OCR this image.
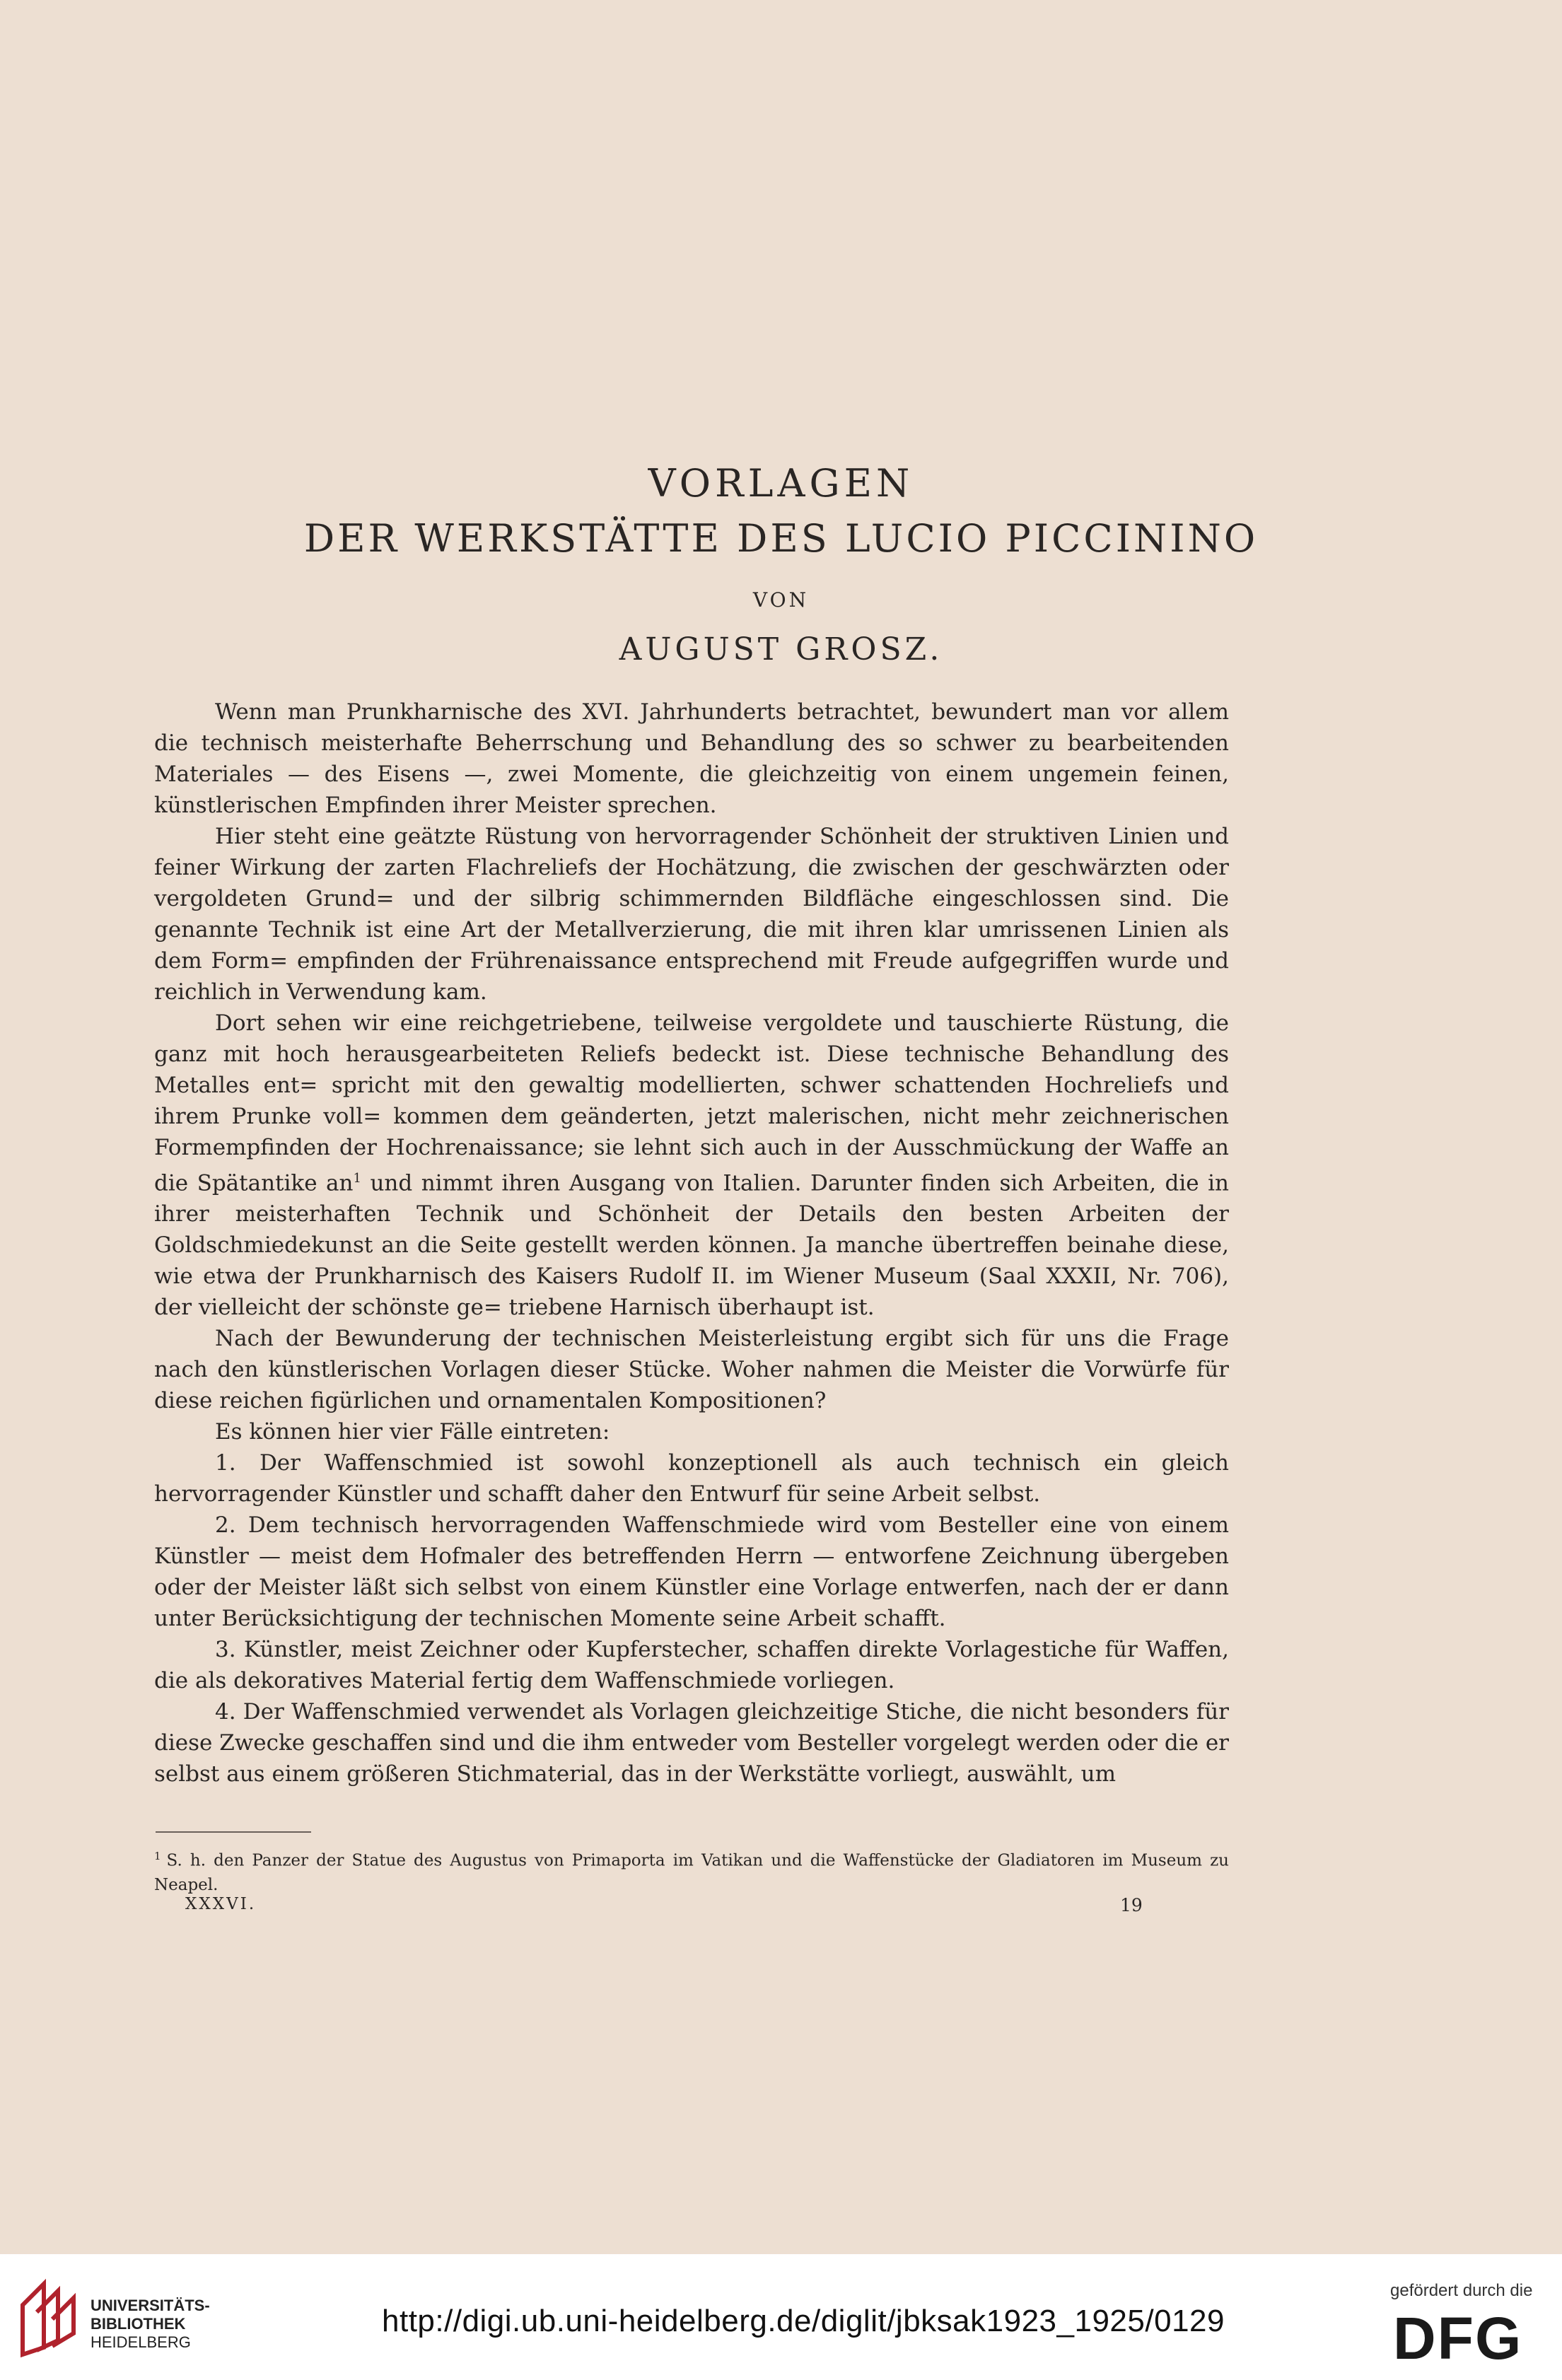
VORLAGEN
DER WERKSTÄTTE DES LUCIO PICCININO
VON
AUGUST GROSZ.

Wenn man Prunkharnische des XVI. Jahrhunderts betrachtet, bewundert man vor allem die technisch meisterhafte Beherrschung und Behandlung des so schwer zu bearbeitenden Materiales — des Eisens —, zwei Momente, die gleichzeitig von einem ungemein feinen, künstlerischen Empfinden ihrer Meister sprechen.

Hier steht eine geätzte Rüstung von hervorragender Schönheit der struktiven Linien und feiner Wirkung der zarten Flachreliefs der Hochätzung, die zwischen der geschwärzten oder vergoldeten Grund= und der silbrig schimmernden Bildfläche eingeschlossen sind. Die genannte Technik ist eine Art der Metallverzierung, die mit ihren klar umrissenen Linien als dem Form= empfinden der Frührenaissance entsprechend mit Freude aufgegriffen wurde und reichlich in Verwendung kam.

Dort sehen wir eine reichgetriebene, teilweise vergoldete und tauschierte Rüstung, die ganz mit hoch herausgearbeiteten Reliefs bedeckt ist. Diese technische Behandlung des Metalles ent= spricht mit den gewaltig modellierten, schwer schattenden Hochreliefs und ihrem Prunke voll= kommen dem geänderten, jetzt malerischen, nicht mehr zeichnerischen Formempfinden der Hochrenaissance; sie lehnt sich auch in der Ausschmückung der Waffe an die Spätantike $an^1$ und nimmt ihren Ausgang von Italien. Darunter finden sich Arbeiten, die in ihrer meisterhaften Technik und Schönheit der Details den besten Arbeiten der Goldschmiedekunst an die Seite gestellt werden können. Ja manche übertreffen beinahe diese, wie etwa der Prunkharnisch des Kaisers Rudolf II. im Wiener Museum (Saal XXXII, Nr. 706), der vielleicht der schönste ge= triebene Harnisch überhaupt ist.

Nach der Bewunderung der technischen Meisterleistung ergibt sich für uns die Frage nach den künstlerischen Vorlagen dieser Stücke. Woher nahmen die Meister die Vorwürfe für diese reichen figürlichen und ornamentalen Kompositionen?

Es können hier vier Fälle eintreten:

1. Der Waffenschmied ist sowohl konzeptionell als auch technisch ein gleich hervorragender Künstler und schafft daher den Entwurf für seine Arbeit selbst.

2. Dem technisch hervorragenden Waffenschmiede wird vom Besteller eine von einem Künstler — meist dem Hofmaler des betreffenden Herrn — entworfene Zeichnung übergeben oder der Meister läßt sich selbst von einem Künstler eine Vorlage entwerfen, nach der er dann unter Berücksichtigung der technischen Momente seine Arbeit schafft.

3. Künstler, meist Zeichner oder Kupferstecher, schaffen direkte Vorlagestiche für Waffen, die als dekoratives Material fertig dem Waffenschmiede vorliegen.

4. Der Waffenschmied verwendet als Vorlagen gleichzeitige Stiche, die nicht besonders für diese Zwecke geschaffen sind und die ihm entweder vom Besteller vorgelegt werden oder die er selbst aus einem größeren Stichmaterial, das in der Werkstätte vorliegt, auswählt, um

$^1$ S. h. den Panzer der Statue des Augustus von Primaporta im Vatikan und die Waffenstücke der Gladiatoren im Museum zu Neapel.
XXXVI.	19
UNIVERSITÄTS-
BIBLIOTHEK
HEIDELBERG
http://digi.ub.uni-heidelberg.de/diglit/jbksak1923_1925/0129
gefördert durch die
DFG
